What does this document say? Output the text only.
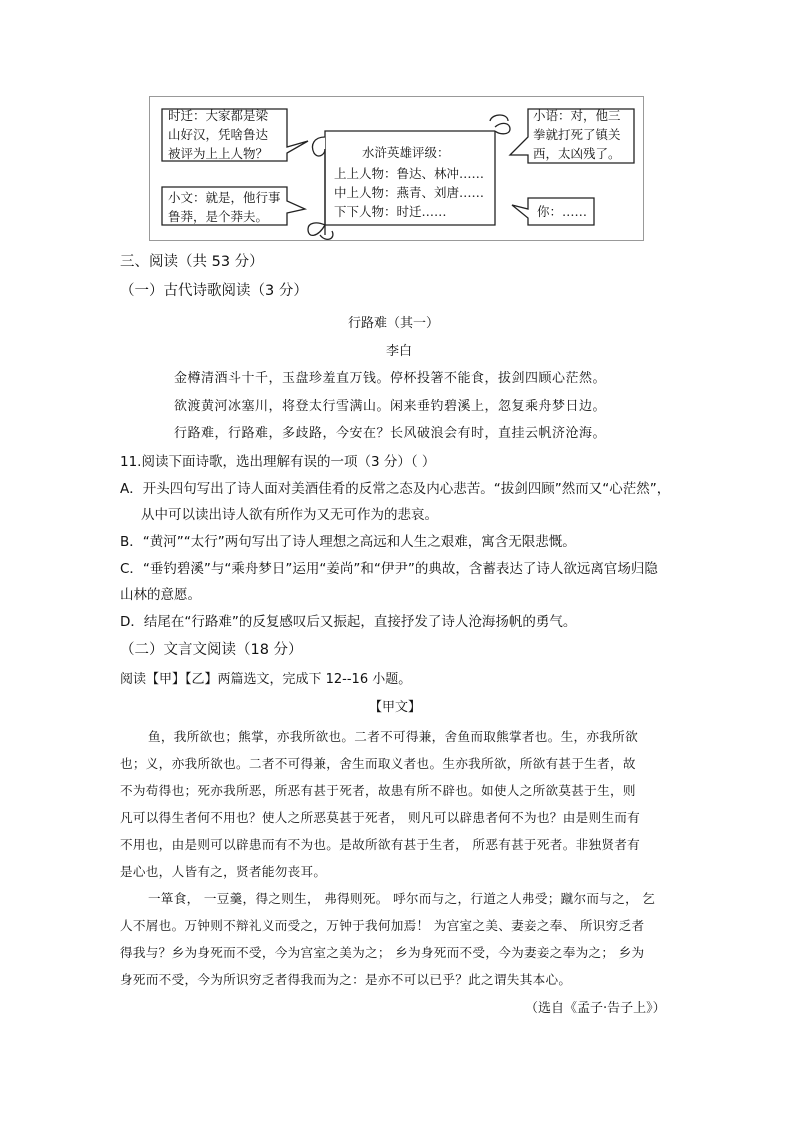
时迁：大家都是梁
山好汉，凭啥鲁达
被评为上上人物？
小文：就是，他行事
鲁莽，是个莽夫。
小语：对，他三
拳就打死了镇关
西，太凶残了。
你：……
水浒英雄评级：
上上人物：鲁达、林冲……
中上人物：燕青、刘唐……
下下人物：时迁……
三、阅读（共 53 分）
（一）古代诗歌阅读（3 分）
行路难（其一）
李白
金樽清酒斗十千，玉盘珍羞直万钱。停杯投箸不能食，拔剑四顾心茫然。
欲渡黄河冰塞川，将登太行雪满山。闲来垂钓碧溪上，忽复乘舟梦日边。
行路难，行路难，多歧路，今安在？长风破浪会有时，直挂云帆济沧海。
11.阅读下面诗歌，选出理解有误的一项（3 分）（ ）
A．开头四句写出了诗人面对美酒佳肴的反常之态及内心悲苦。“拔剑四顾”然而又“心茫然”，
从中可以读出诗人欲有所作为又无可作为的悲哀。
B．“黄河”“太行”两句写出了诗人理想之高远和人生之艰难，寓含无限悲慨。
C．“垂钓碧溪”与“乘舟梦日”运用“姜尚”和“伊尹”的典故，含蓄表达了诗人欲远离官场归隐
山林的意愿。
D．结尾在“行路难”的反复感叹后又振起，直接抒发了诗人沧海扬帆的勇气。
（二）文言文阅读（18 分）
阅读【甲】【乙】两篇选文，完成下 12--16 小题。
【甲文】
鱼，我所欲也；熊掌，亦我所欲也。二者不可得兼，舍鱼而取熊掌者也。生，亦我所欲
也；义，亦我所欲也。二者不可得兼，舍生而取义者也。生亦我所欲，所欲有甚于生者，故
不为苟得也；死亦我所恶，所恶有甚于死者，故患有所不辟也。如使人之所欲莫甚于生，则
凡可以得生者何不用也？使人之所恶莫甚于死者， 则凡可以辟患者何不为也？由是则生而有
不用也，由是则可以辟患而有不为也。是故所欲有甚于生者， 所恶有甚于死者。非独贤者有
是心也，人皆有之，贤者能勿丧耳。
一箪食， 一豆羹，得之则生， 弗得则死。 呼尔而与之，行道之人弗受；蹴尔而与之， 乞
人不屑也。万钟则不辩礼义而受之，万钟于我何加焉！ 为宫室之美、妻妾之奉、 所识穷乏者
得我与？乡为身死而不受，今为宫室之美为之； 乡为身死而不受，今为妻妾之奉为之； 乡为
身死而不受，今为所识穷乏者得我而为之：是亦不可以已乎？此之谓失其本心。
（选自《孟子·告子上》）
